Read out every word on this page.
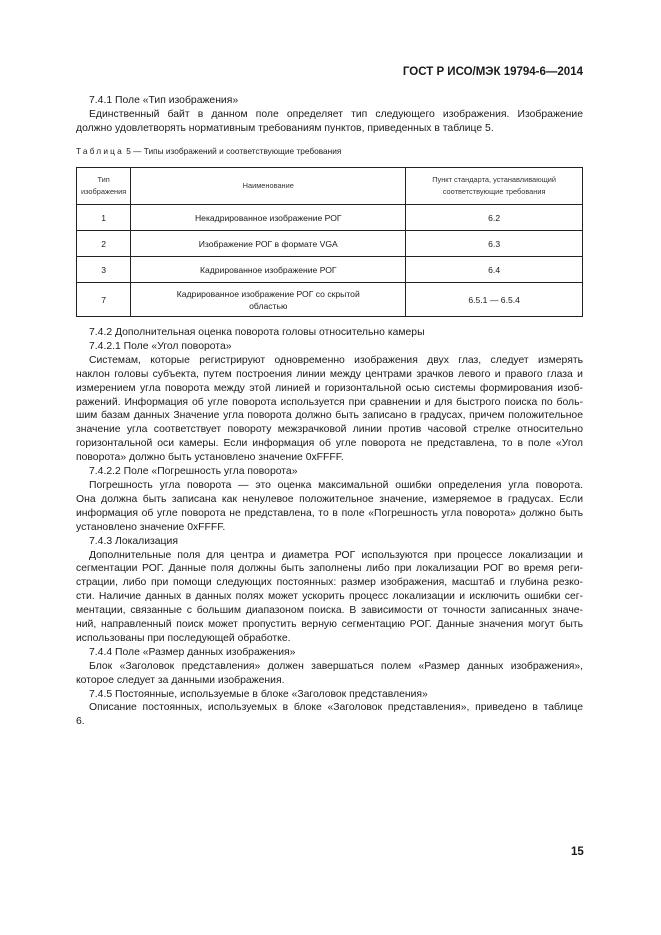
ГОСТ Р ИСО/МЭК 19794-6—2014
7.4.1 Поле «Тип изображения»
Единственный байт в данном поле определяет тип следующего изображения. Изображение
должно удовлетворять нормативным требованиям пунктов, приведенных в таблице 5.
Таблица 5 — Типы изображений и соответствующие требования
Тип изображения	Наименование	Пункт стандарта, устанавливающий соответствующие требования
1	Некадрированное изображение РОГ	6.2
2	Изображение РОГ в формате VGA	6.3
3	Кадрированное изображение РОГ	6.4
7	Кадрированное изображение РОГ со скрытой областью	6.5.1 — 6.5.4
7.4.2 Дополнительная оценка поворота головы относительно камеры
7.4.2.1 Поле «Угол поворота»
Системам, которые регистрируют одновременно изображения двух глаз, следует измерять
наклон головы субъекта, путем построения линии между центрами зрачков левого и правого глаза и
измерением угла поворота между этой линией и горизонтальной осью системы формирования изоб-
ражений. Информация об угле поворота используется при сравнении и для быстрого поиска по боль-
шим базам данных Значение угла поворота должно быть записано в градусах, причем положительное
значение угла соответствует повороту межзрачковой линии против часовой стрелке относительно
горизонтальной оси камеры. Если информация об угле поворота не представлена, то в поле «Угол
поворота» должно быть установлено значение 0xFFFF.
7.4.2.2 Поле «Погрешность угла поворота»
Погрешность угла поворота — это оценка максимальной ошибки определения угла поворота.
Она должна быть записана как ненулевое положительное значение, измеряемое в градусах. Если
информация об угле поворота не представлена, то в поле «Погрешность угла поворота» должно быть
установлено значение 0xFFFF.
7.4.3 Локализация
Дополнительные поля для центра и диаметра РОГ используются при процессе локализации и
сегментации РОГ. Данные поля должны быть заполнены либо при локализации РОГ во время реги-
страции, либо при помощи следующих постоянных: размер изображения, масштаб и глубина резко-
сти. Наличие данных в данных полях может ускорить процесс локализации и исключить ошибки сег-
ментации, связанные с большим диапазоном поиска. В зависимости от точности записанных значе-
ний, направленный поиск может пропустить верную сегментацию РОГ. Данные значения могут быть
использованы при последующей обработке.
7.4.4 Поле «Размер данных изображения»
Блок «Заголовок представления» должен завершаться полем «Размер данных изображения»,
которое следует за данными изображения.
7.4.5 Постоянные, используемые в блоке «Заголовок представления»
Описание постоянных, используемых в блоке «Заголовок представления», приведено в таблице
6.
15
